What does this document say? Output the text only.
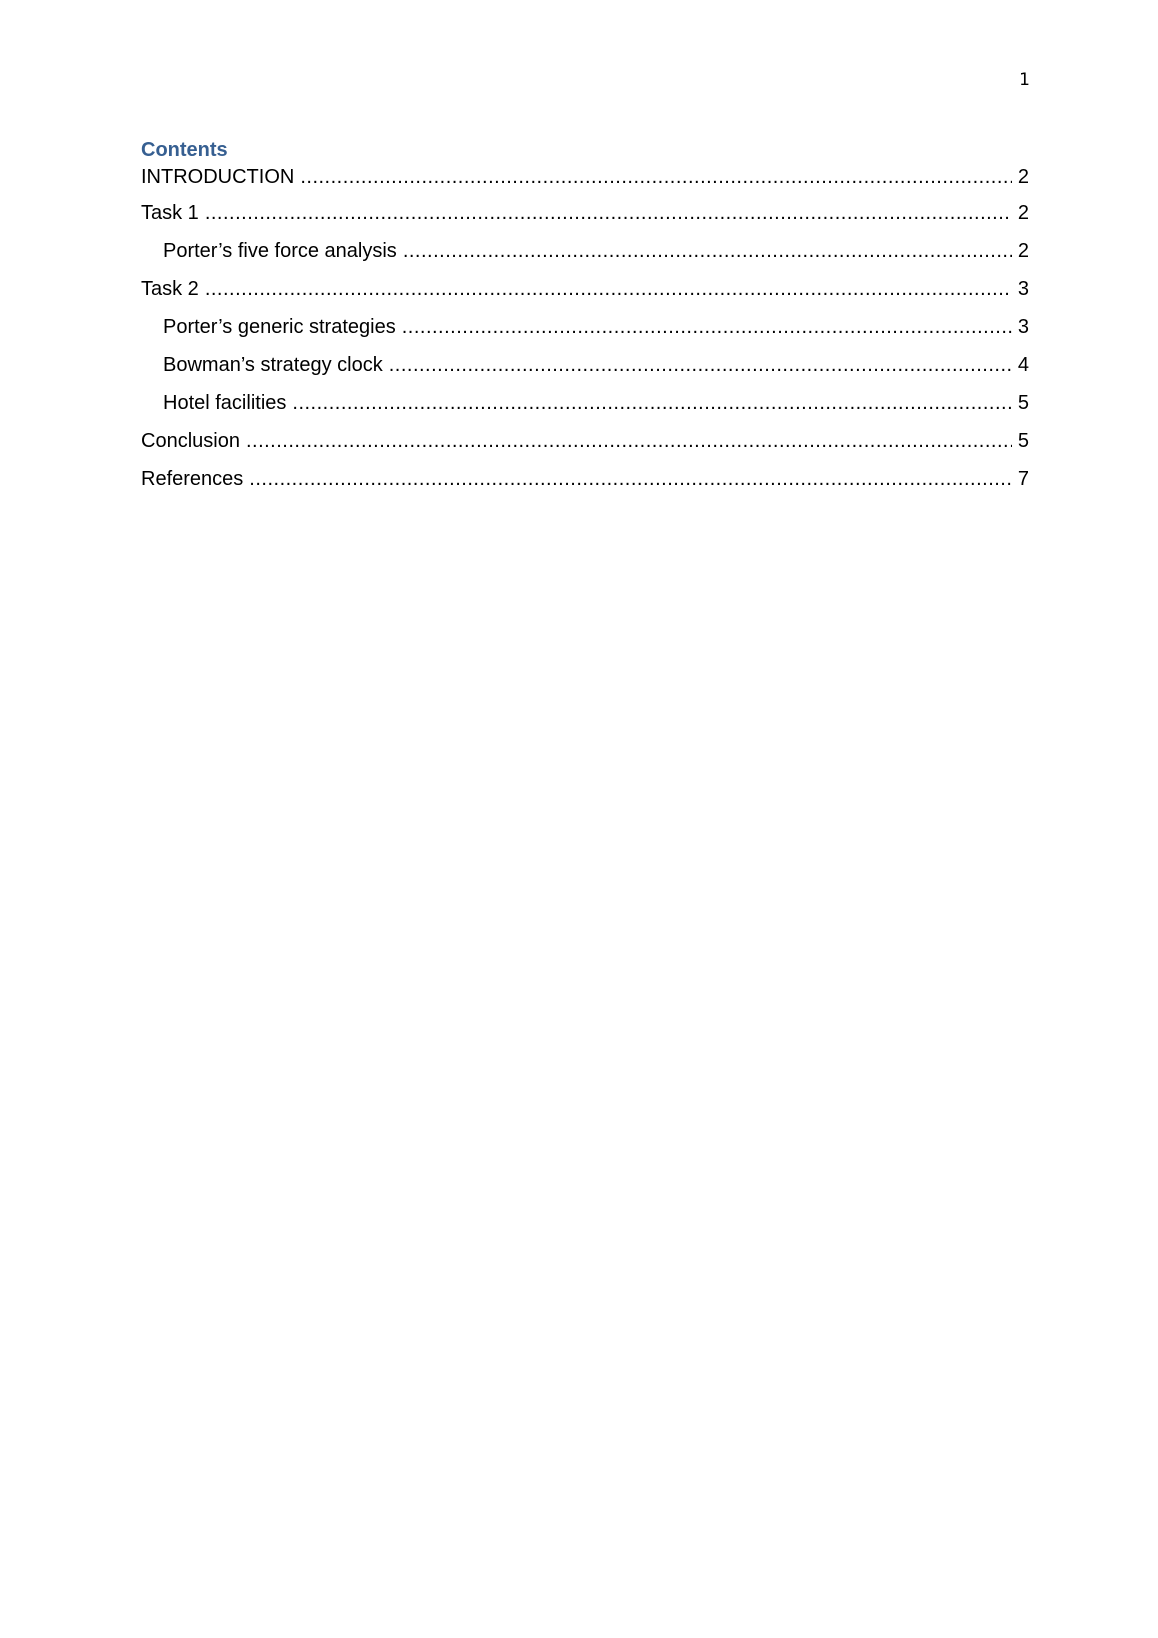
1
Contents
INTRODUCTION .....	2
Task 1 .....	2
Porter’s five force analysis .....	2
Task 2 .....	3
Porter’s generic strategies .....	3
Bowman’s strategy clock .....	4
Hotel facilities .....	5
Conclusion .....	5
References .....	7
